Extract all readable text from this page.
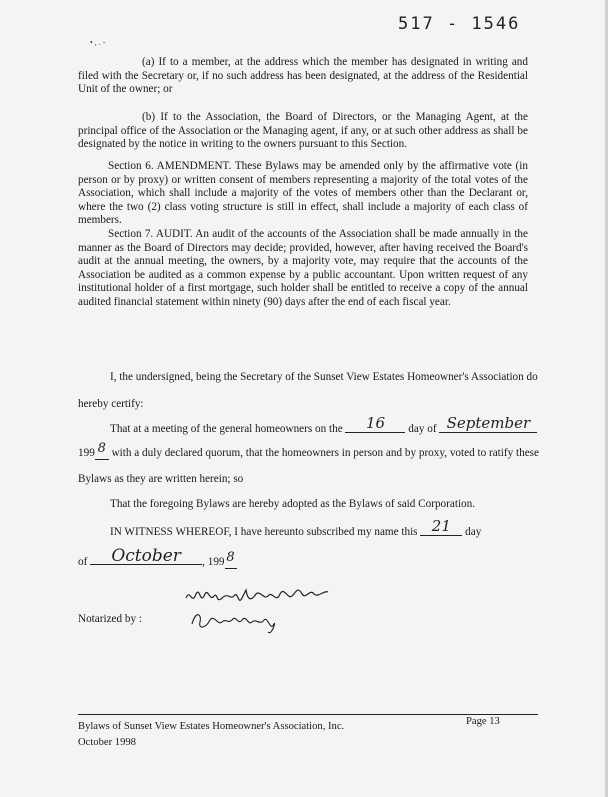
517 - 1546
• , . -
(a) If to a member, at the address which the member has designated in writing and filed with the Secretary or, if no such address has been designated, at the address of the Residential Unit of the owner; or
(b) If to the Association, the Board of Directors, or the Managing Agent, at the principal office of the Association or the Managing agent, if any, or at such other address as shall be designated by the notice in writing to the owners pursuant to this Section.
Section 6. AMENDMENT. These Bylaws may be amended only by the affirmative vote (in person or by proxy) or written consent of members representing a majority of the total votes of the Association, which shall include a majority of the votes of members other than the Declarant or, where the two (2) class voting structure is still in effect, shall include a majority of each class of members.
Section 7. AUDIT. An audit of the accounts of the Association shall be made annually in the manner as the Board of Directors may decide; provided, however, after having received the Board's audit at the annual meeting, the owners, by a majority vote, may require that the accounts of the Association be audited as a common expense by a public accountant. Upon written request of any institutional holder of a first mortgage, such holder shall be entitled to receive a copy of the annual audited financial statement within ninety (90) days after the end of each fiscal year.
I, the undersigned, being the Secretary of the Sunset View Estates Homeowner's Association do
hereby certify:
That at a meeting of the general homeowners on the 16 day of September
199 8 with a duly declared quorum, that the homeowners in person and by proxy, voted to ratify these
Bylaws as they are written herein; so
That the foregoing Bylaws are hereby adopted as the Bylaws of said Corporation.
IN WITNESS WHEREOF, I have hereunto subscribed my name this 21 day
of October , 199 8
Notarized by :
Bylaws of Sunset View Estates Homeowner's Association, Inc.
October 1998
Page 13
